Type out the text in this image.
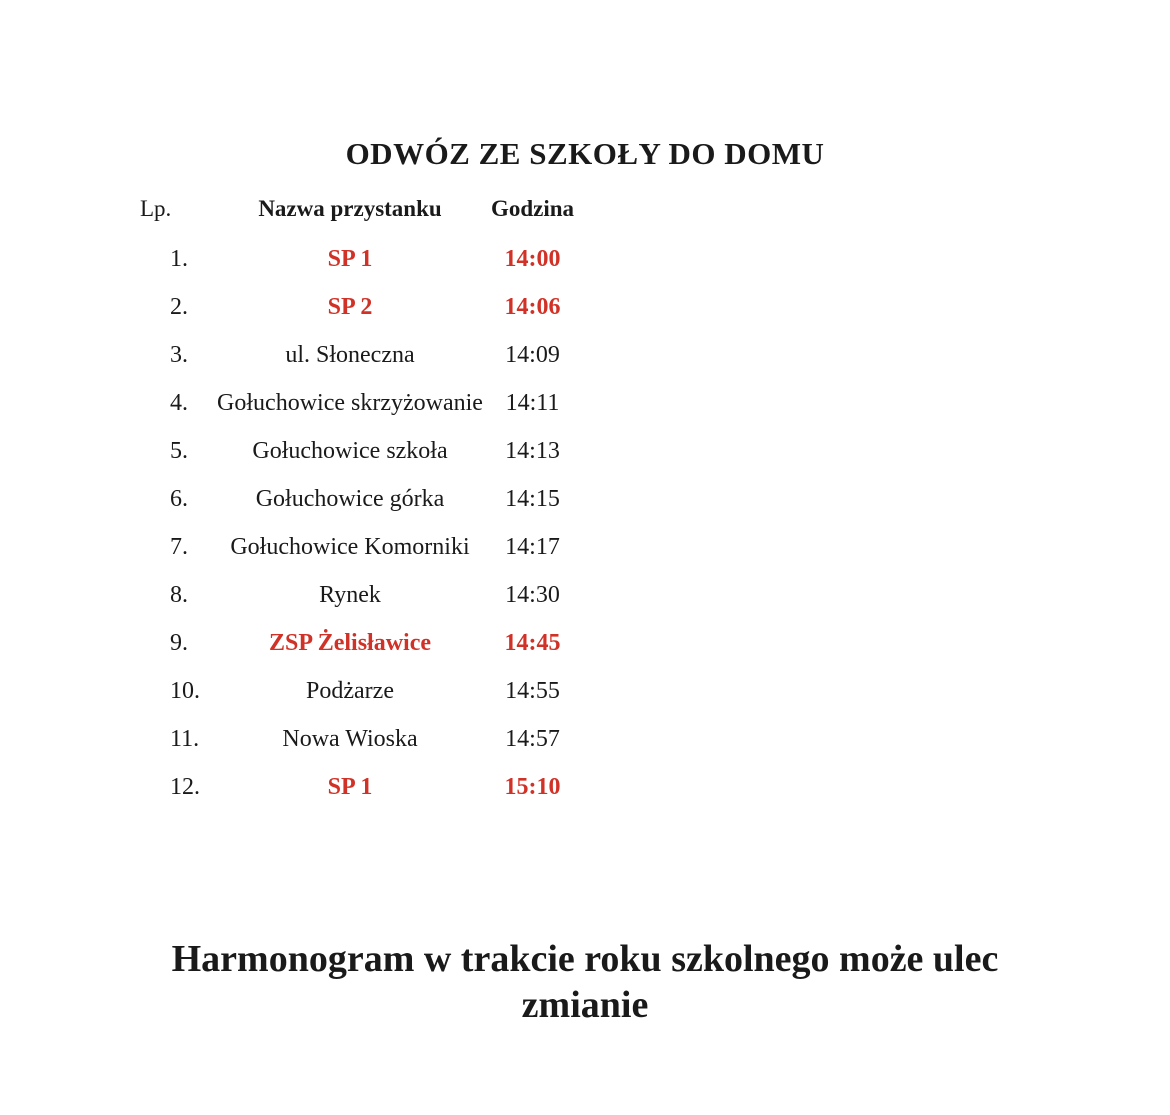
ODWÓZ ZE SZKOŁY DO DOMU
Lp.	Nazwa przystanku	Godzina
1.	SP 1	14:00
2.	SP 2	14:06
3.	ul. Słoneczna	14:09
4.	Gołuchowice skrzyżowanie 14:11
5.	Gołuchowice szkoła	14:13
6.	Gołuchowice górka	14:15
7.	Gołuchowice Komorniki	14:17
8.	Rynek	14:30
9.	ZSP Żelisławice	14:45
10.	Podżarze	14:55
11.	Nowa Wioska	14:57
12.	SP 1	15:10
Harmonogram w trakcie roku szkolnego może ulec zmianie
